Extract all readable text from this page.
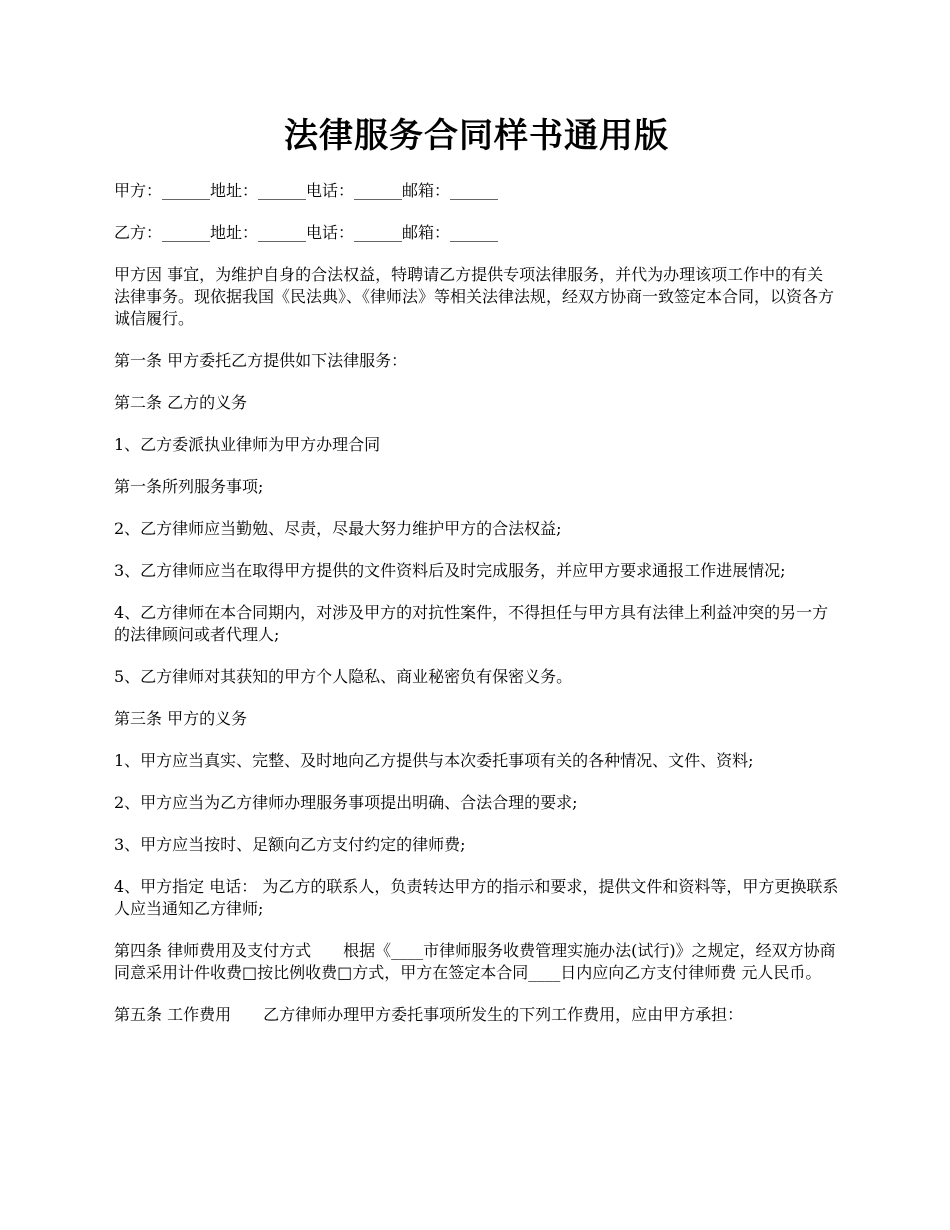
法律服务合同样书通用版

甲方：______地址：______电话：______邮箱：______

乙方：______地址：______电话：______邮箱：______

甲方因 事宜，为维护自身的合法权益，特聘请乙方提供专项法律服务，并代为办理该项工作中的有关法律事务。现依据我国《民法典》、《律师法》等相关法律法规，经双方协商一致签定本合同，以资各方诚信履行。

第一条 甲方委托乙方提供如下法律服务：

第二条 乙方的义务

1、乙方委派执业律师为甲方办理合同

第一条所列服务事项;

2、乙方律师应当勤勉、尽责，尽最大努力维护甲方的合法权益;

3、乙方律师应当在取得甲方提供的文件资料后及时完成服务，并应甲方要求通报工作进展情况;

4、乙方律师在本合同期内，对涉及甲方的对抗性案件，不得担任与甲方具有法律上利益冲突的另一方的法律顾问或者代理人;

5、乙方律师对其获知的甲方个人隐私、商业秘密负有保密义务。

第三条 甲方的义务

1、甲方应当真实、完整、及时地向乙方提供与本次委托事项有关的各种情况、文件、资料;

2、甲方应当为乙方律师办理服务事项提出明确、合法合理的要求;

3、甲方应当按时、足额向乙方支付约定的律师费;

4、甲方指定 电话： 为乙方的联系人，负责转达甲方的指示和要求，提供文件和资料等，甲方更换联系人应当通知乙方律师;

第四条 律师费用及支付方式　　根据《____市律师服务收费管理实施办法(试行)》之规定，经双方协商同意采用计件收费□按比例收费□方式，甲方在签定本合同____日内应向乙方支付律师费 元人民币。

第五条 工作费用　　乙方律师办理甲方委托事项所发生的下列工作费用，应由甲方承担：
